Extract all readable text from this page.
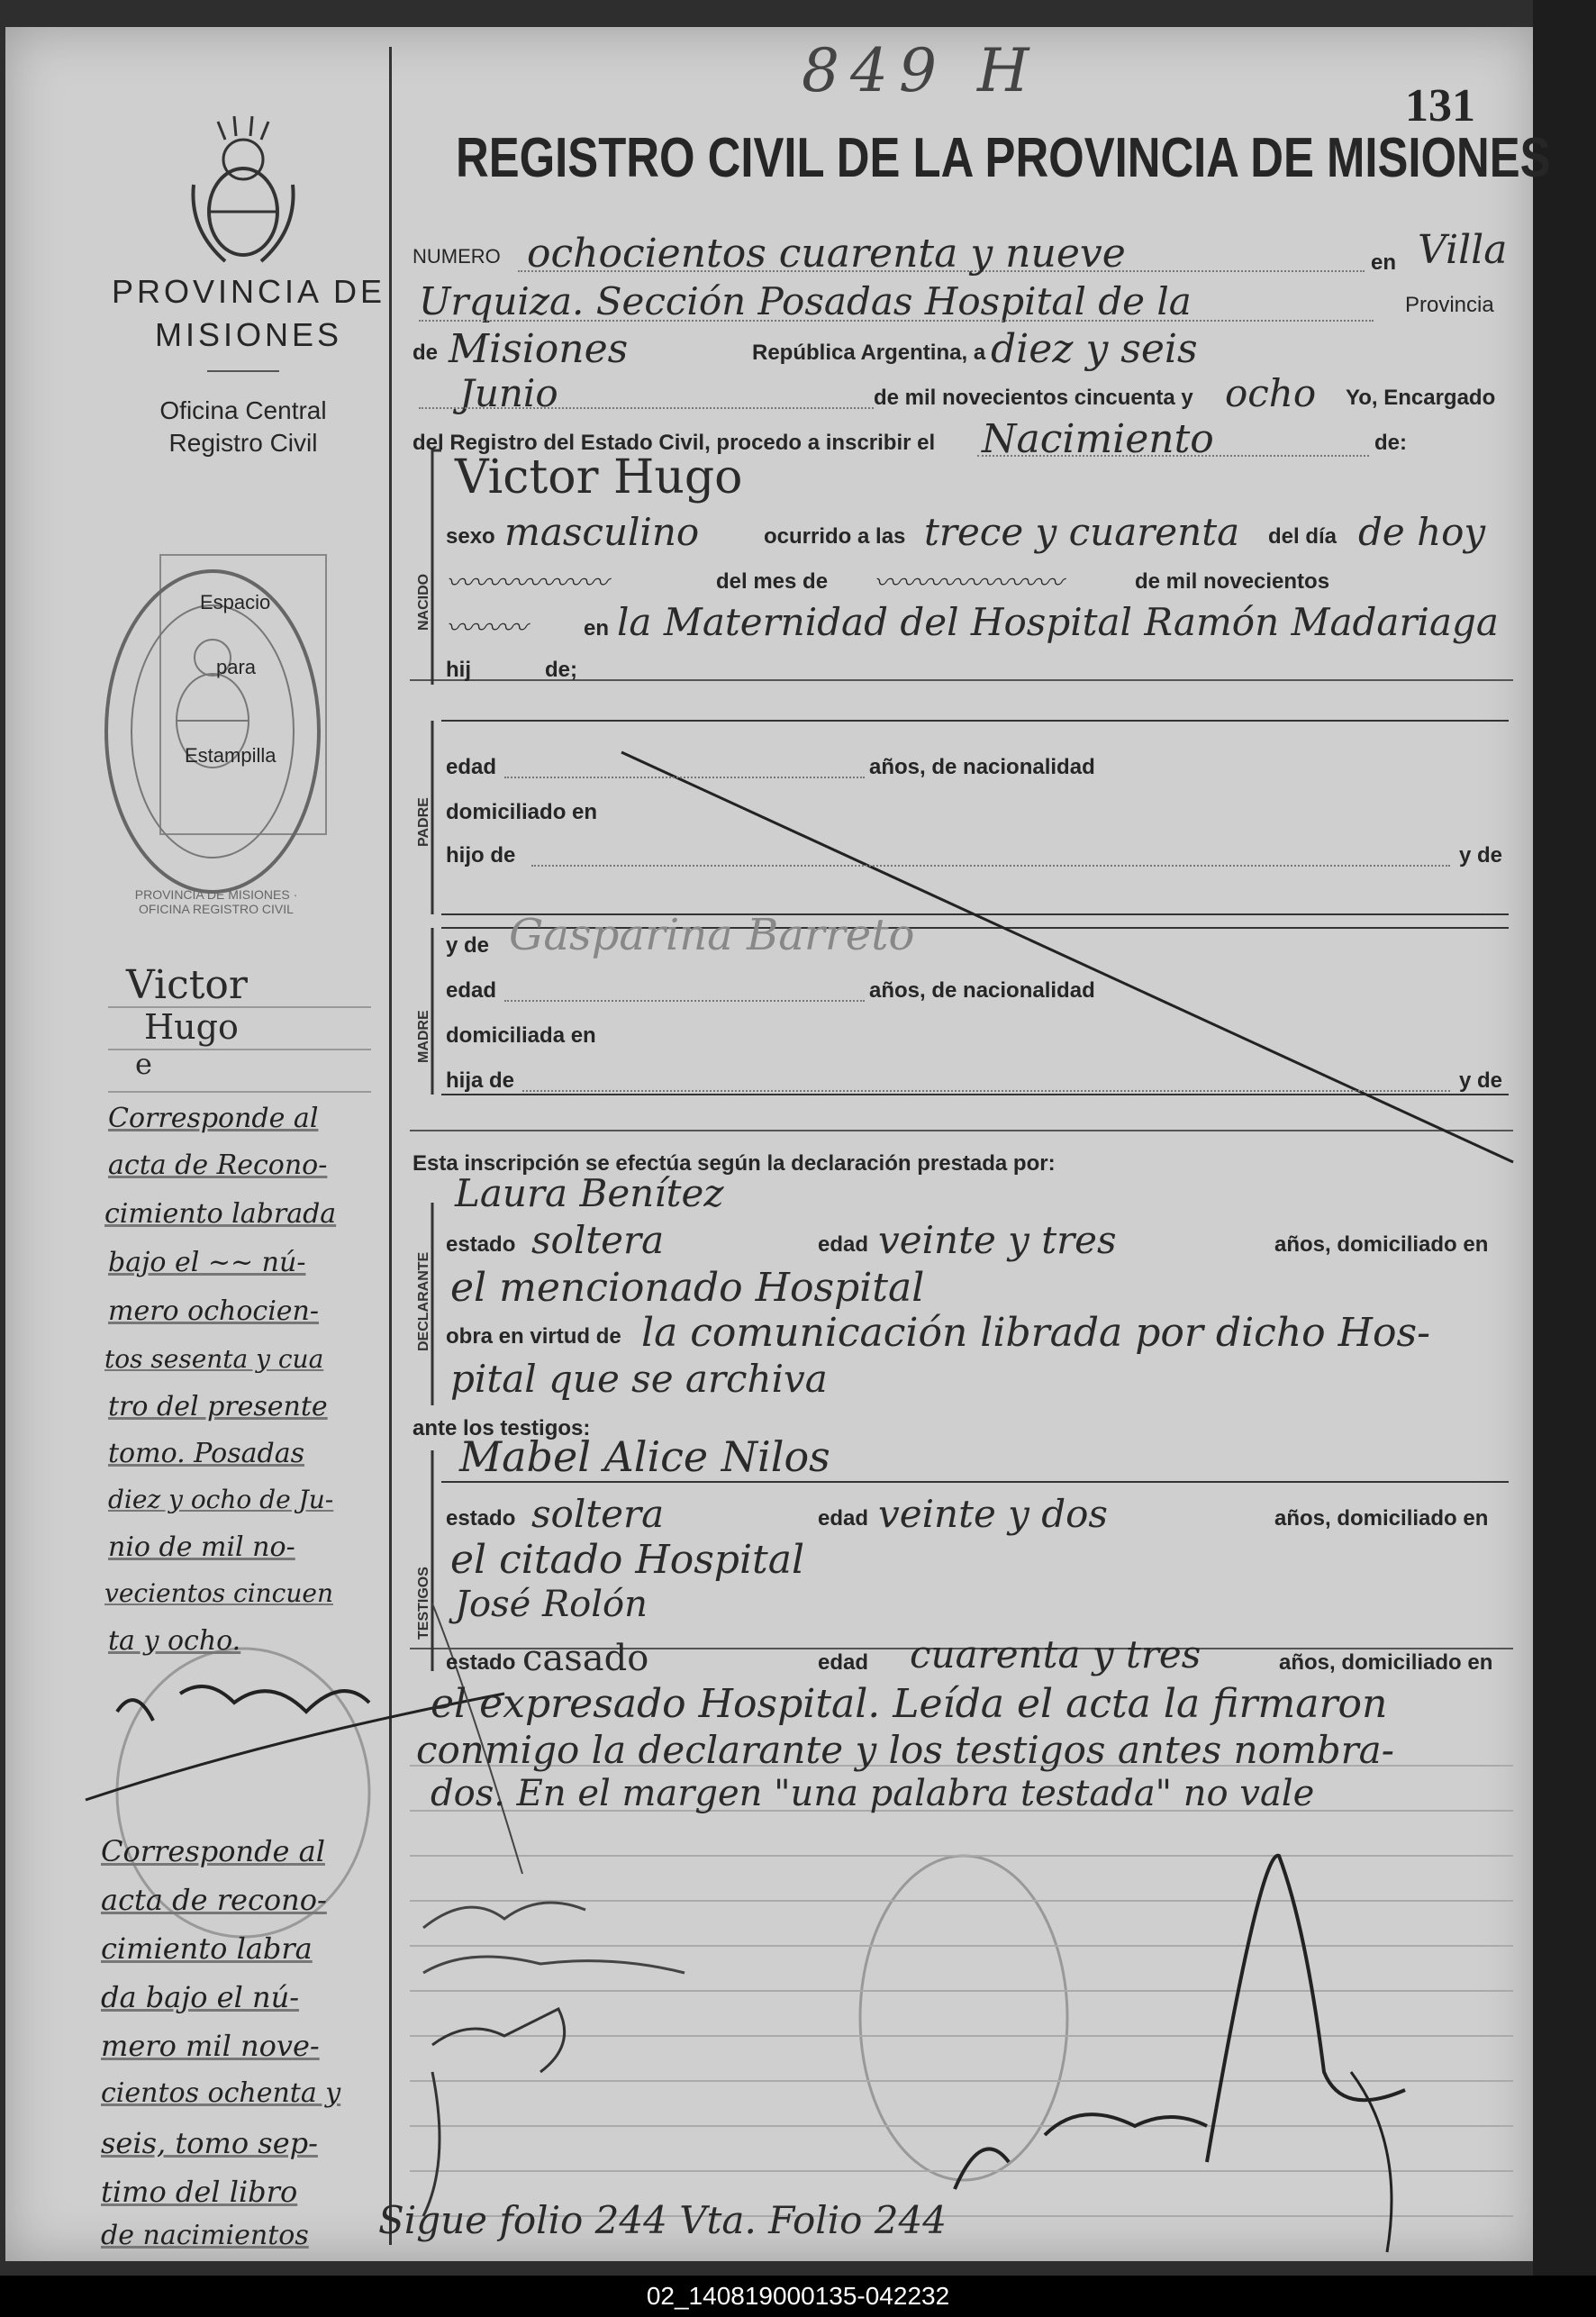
849 H
131
REGISTRO CIVIL DE LA PROVINCIA DE MISIONES
PROVINCIA DE MISIONES
Oficina Central
Registro Civil
Espacio
para
Estampilla
PROVINCIA DE MISIONES · OFICINA REGISTRO CIVIL
Victor
Hugo
e
Corresponde al
acta de Recono-
cimiento labrada
bajo el ~~ nú-
mero ochocien-
tos sesenta y cua
tro del presente
tomo. Posadas
diez y ocho de Ju-
nio de mil no-
vecientos cincuen
ta y ocho.
Corresponde al
acta de recono-
cimiento labra
da bajo el nú-
mero mil nove-
cientos ochenta y
seis, tomo sep-
timo del libro
de nacimientos
NACIDO
PADRE
MADRE
DECLARANTE
TESTIGOS
NUMERO ochocientos cuarenta y nueve	en Villa
Urquiza. Sección Posadas Hospital de la	Provincia
de Misiones	República Argentina, a diez y seis
Junio	de mil novecientos cincuenta y ocho Yo, Encargado
del Registro del Estado Civil, procedo a inscribir el Nacimiento	de:
Victor Hugo
sexo masculino	ocurrido a las trece y cuarenta del día de hoy
del mes de	de mil novecientos
〰〰〰〰〰〰	〰〰〰〰〰〰〰
〰〰〰	en la Maternidad del Hospital Ramón Madariaga
hij	de;
edad	años, de nacionalidad
domiciliado en
hijo de	y de
y de Gasparina Barreto
edad	años, de nacionalidad
domiciliada en
hija de	y de
Esta inscripción se efectúa según la declaración prestada por:
Laura Benítez
estado soltera	edad veinte y tres	años, domiciliado en
el mencionado Hospital
obra en virtud de la comunicación librada por dicho Hos-
pital que se archiva
ante los testigos:
Mabel Alice Nilos
estado soltera	edad veinte y dos	años, domiciliado en
el citado Hospital
José Rolón
estado casado	edad cuarenta y tres	años, domiciliado en
el expresado Hospital. Leída el acta la firmaron
conmigo la declarante y los testigos antes nombra-
dos. En el margen "una palabra testada" no vale
Sigue folio 244 Vta. Folio 244
02_140819000135-042232
